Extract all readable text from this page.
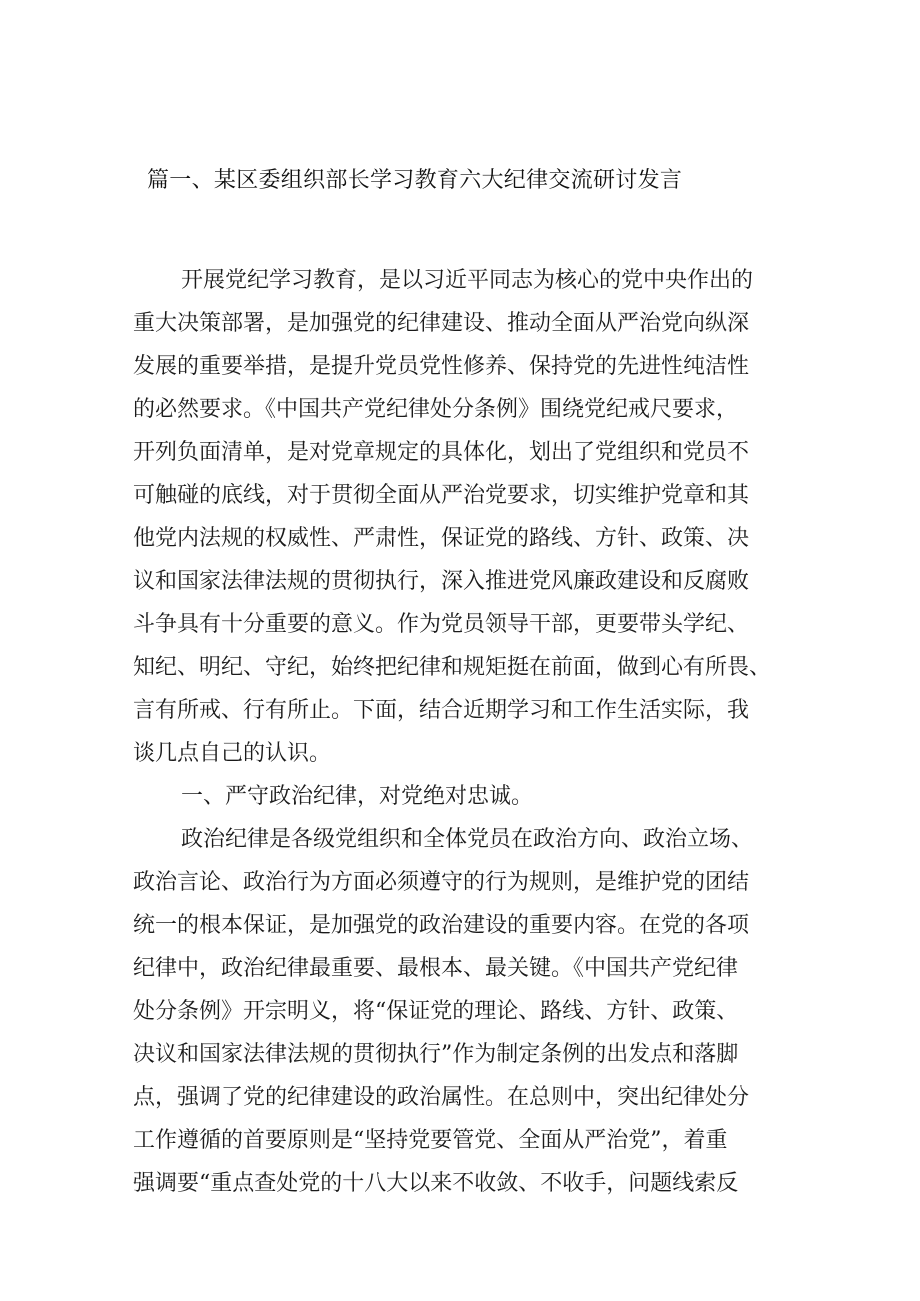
篇一、某区委组织部长学习教育六大纪律交流研讨发言
开展党纪学习教育，是以习近平同志为核心的党中央作出的
重大决策部署，是加强党的纪律建设、推动全面从严治党向纵深
发展的重要举措，是提升党员党性修养、保持党的先进性纯洁性
的必然要求。《中国共产党纪律处分条例》围绕党纪戒尺要求，
开列负面清单，是对党章规定的具体化，划出了党组织和党员不
可触碰的底线，对于贯彻全面从严治党要求，切实维护党章和其
他党内法规的权威性、严肃性，保证党的路线、方针、政策、决
议和国家法律法规的贯彻执行，深入推进党风廉政建设和反腐败
斗争具有十分重要的意义。作为党员领导干部，更要带头学纪、
知纪、明纪、守纪，始终把纪律和规矩挺在前面，做到心有所畏、
言有所戒、行有所止。下面，结合近期学习和工作生活实际，我
谈几点自己的认识。
一、严守政治纪律，对党绝对忠诚。
政治纪律是各级党组织和全体党员在政治方向、政治立场、
政治言论、政治行为方面必须遵守的行为规则，是维护党的团结
统一的根本保证，是加强党的政治建设的重要内容。在党的各项
纪律中，政治纪律最重要、最根本、最关键。《中国共产党纪律
处分条例》开宗明义，将“保证党的理论、路线、方针、政策、
决议和国家法律法规的贯彻执行”作为制定条例的出发点和落脚
点，强调了党的纪律建设的政治属性。在总则中，突出纪律处分
工作遵循的首要原则是“坚持党要管党、全面从严治党”，着重
强调要“重点查处党的十八大以来不收敛、不收手，问题线索反
